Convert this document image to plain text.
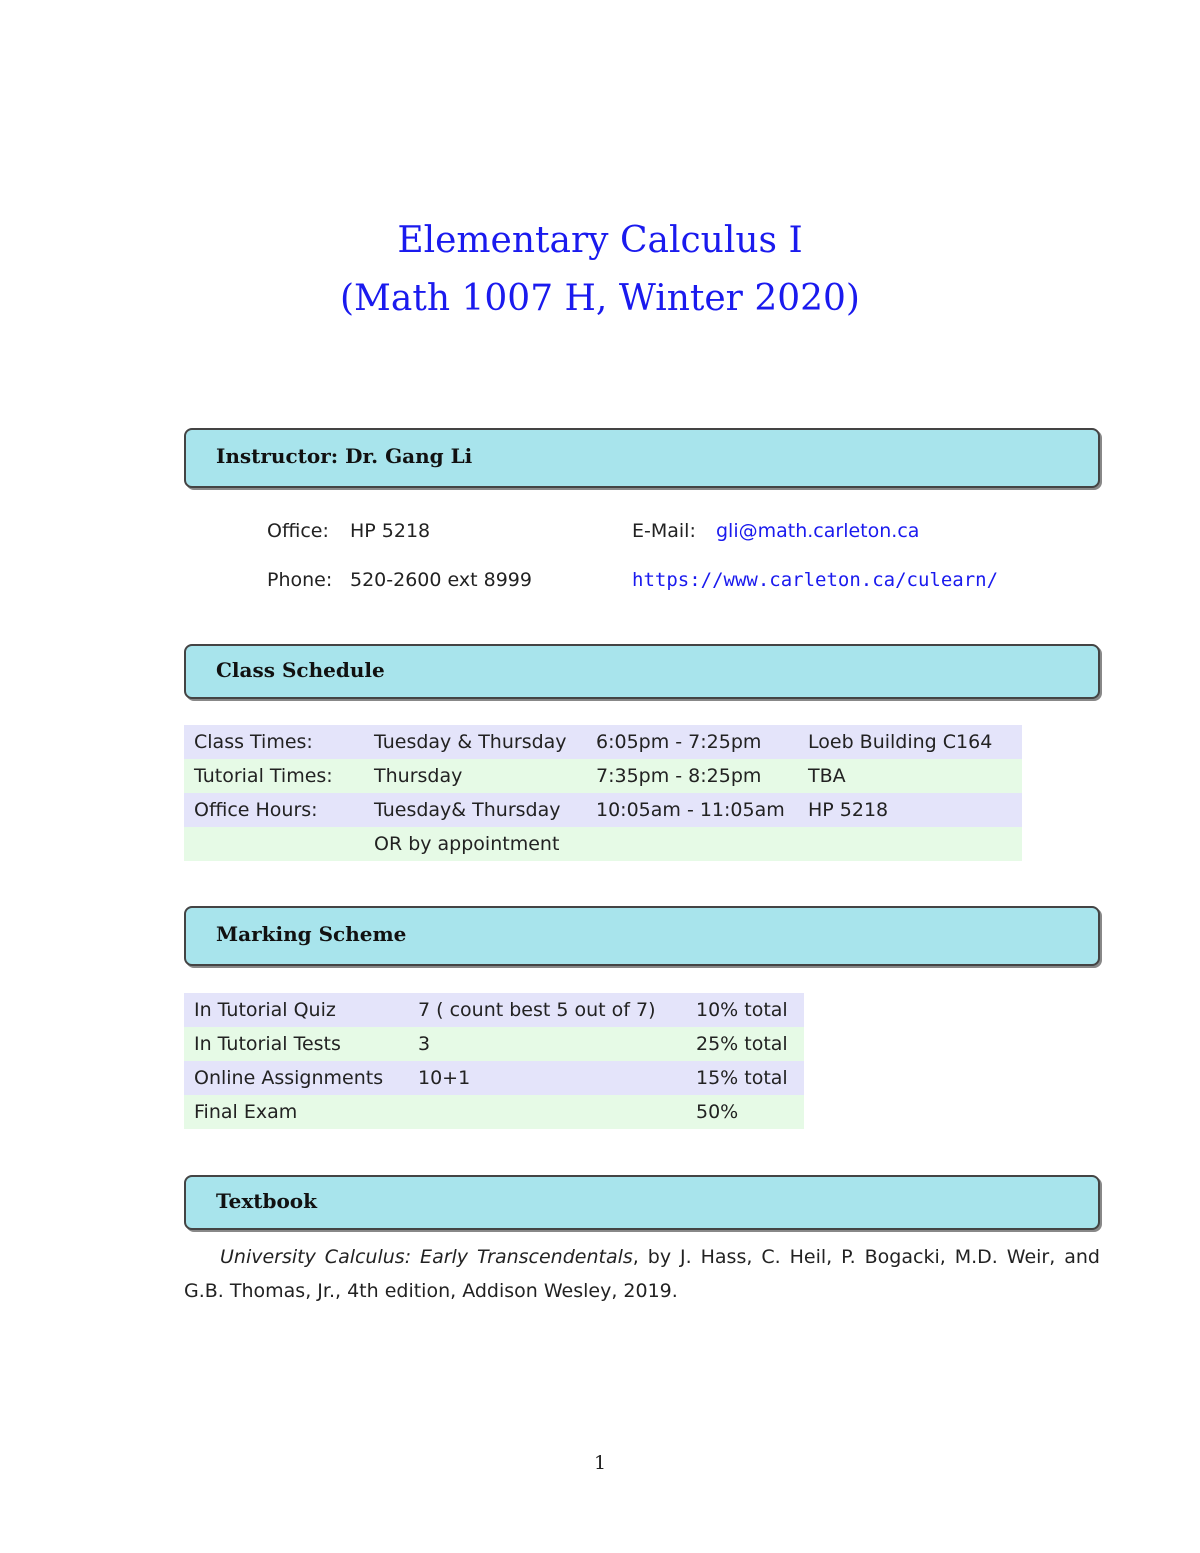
Elementary Calculus I
(Math 1007 H, Winter 2020)
Instructor: Dr. Gang Li
Office: HP 5218
Phone: 520-2600 ext 8999
E-Mail: gli@math.carleton.ca
https://www.carleton.ca/culearn/
Class Schedule
Class Times:	Tuesday & Thursday	6:05pm - 7:25pm	Loeb Building C164
Tutorial Times:	Thursday	7:35pm - 8:25pm	TBA
Office Hours:	Tuesday& Thursday	10:05am - 11:05am	HP 5218
	OR by appointment		
Marking Scheme
In Tutorial Quiz	7 ( count best 5 out of 7)	10% total
In Tutorial Tests	3	25% total
Online Assignments	10+1	15% total
Final Exam		50%
Textbook
University Calculus: Early Transcendentals, by J. Hass, C. Heil, P. Bogacki, M.D. Weir, and G.B. Thomas, Jr., 4th edition, Addison Wesley, 2019.
1
